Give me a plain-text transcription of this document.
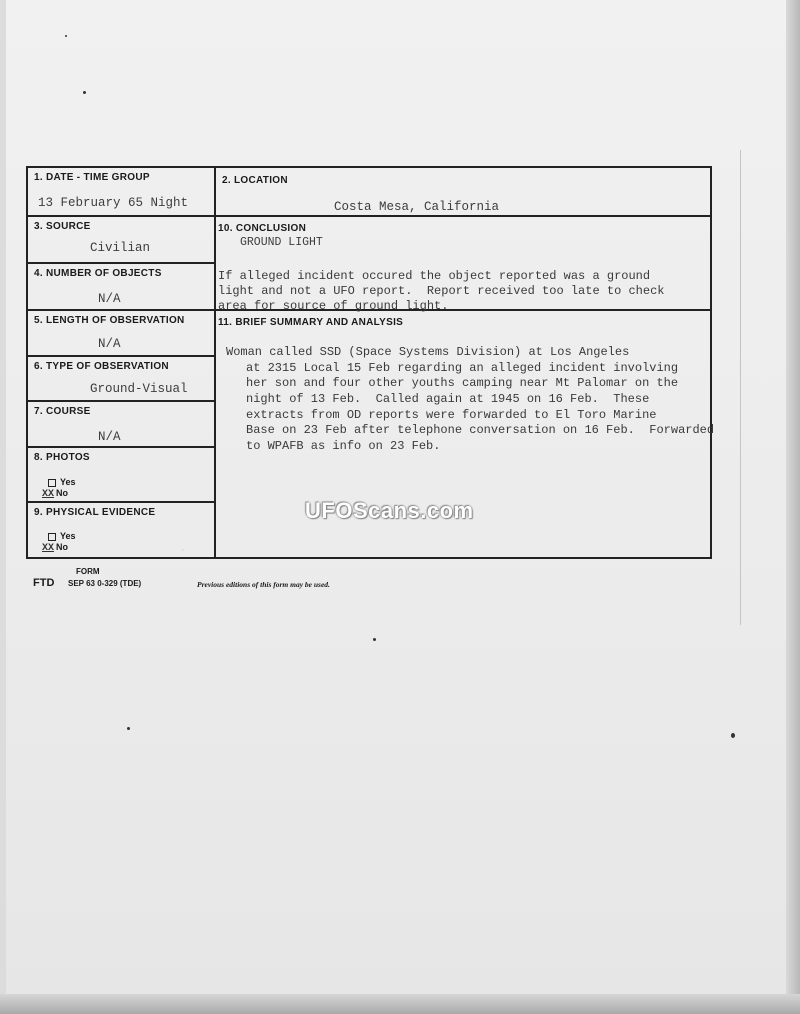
1. DATE - TIME GROUP
13 February 65 Night
3. SOURCE
Civilian
4. NUMBER OF OBJECTS
N/A
5. LENGTH OF OBSERVATION
N/A
6. TYPE OF OBSERVATION
Ground-Visual
7. COURSE
N/A
8. PHOTOS
Yes
XX No
9. PHYSICAL EVIDENCE
Yes
XX No
2. LOCATION
Costa Mesa, California
10. CONCLUSION
GROUND LIGHT
If alleged incident occured the object reported was a ground
light and not a UFO report.  Report received too late to check
area for source of ground light.
11. BRIEF SUMMARY AND ANALYSIS
Woman called SSD (Space Systems Division) at Los Angeles
at 2315 Local 15 Feb regarding an alleged incident involving
her son and four other youths camping near Mt Palomar on the
night of 13 Feb.  Called again at 1945 on 16 Feb.  These
extracts from OD reports were forwarded to El Toro Marine
Base on 23 Feb after telephone conversation on 16 Feb.  Forwarded
to WPAFB as info on 23 Feb.
UFOScans.com
FORM
FTD SEP 63 0-329 (TDE)	Previous editions of this form may be used.
